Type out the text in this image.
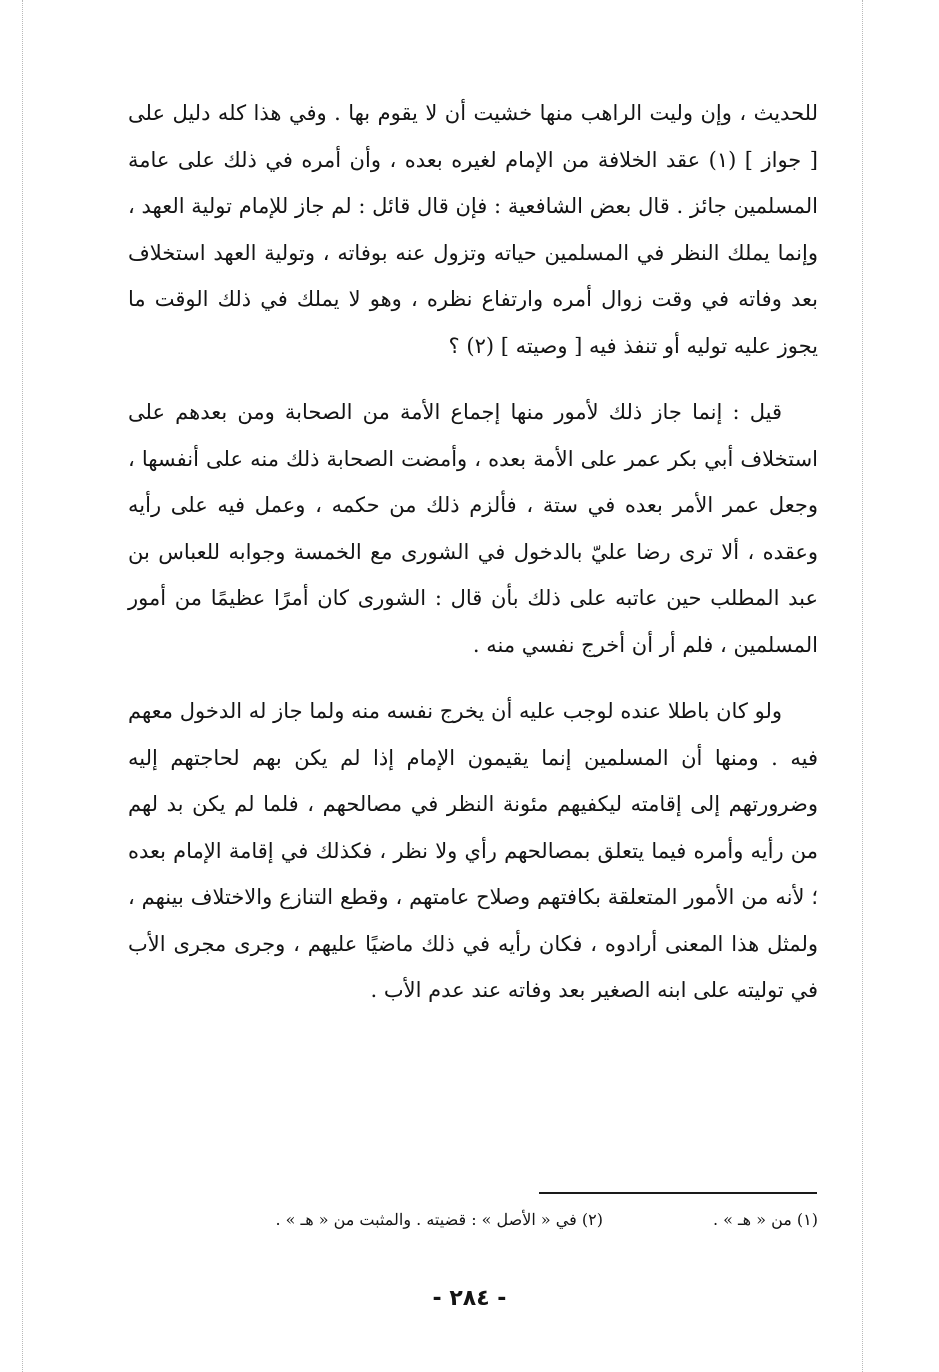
للحديث ، وإن وليت الراهب منها خشيت أن لا يقوم بها . وفي هذا كله دليل على [ جواز ] (١) عقد الخلافة من الإمام لغيره بعده ، وأن أمره في ذلك على عامة المسلمين جائز . قال بعض الشافعية : فإن قال قائل : لم جاز للإمام تولية العهد ، وإنما يملك النظر في المسلمين حياته وتزول عنه بوفاته ، وتولية العهد استخلاف بعد وفاته في وقت زوال أمره وارتفاع نظره ، وهو لا يملك في ذلك الوقت ما يجوز عليه توليه أو تنفذ فيه [ وصيته ] (٢) ؟

قيل : إنما جاز ذلك لأمور منها إجماع الأمة من الصحابة ومن بعدهم على استخلاف أبي بكر عمر على الأمة بعده ، وأمضت الصحابة ذلك منه على أنفسها ، وجعل عمر الأمر بعده في ستة ، فألزم ذلك من حكمه ، وعمل فيه على رأيه وعقده ، ألا ترى رضا عليّ بالدخول في الشورى مع الخمسة وجوابه للعباس بن عبد المطلب حين عاتبه على ذلك بأن قال : الشورى كان أمرًا عظيمًا من أمور المسلمين ، فلم أر أن أخرج نفسي منه .

ولو كان باطلا عنده لوجب عليه أن يخرج نفسه منه ولما جاز له الدخول معهم فيه . ومنها أن المسلمين إنما يقيمون الإمام إذا لم يكن بهم لحاجتهم إليه وضرورتهم إلى إقامته ليكفيهم مئونة النظر في مصالحهم ، فلما لم يكن بد لهم من رأيه وأمره فيما يتعلق بمصالحهم رأي ولا نظر ، فكذلك في إقامة الإمام بعده ؛ لأنه من الأمور المتعلقة بكافتهم وصلاح عامتهم ، وقطع التنازع والاختلاف بينهم ، ولمثل هذا المعنى أرادوه ، فكان رأيه في ذلك ماضيًا عليهم ، وجرى مجرى الأب في توليته على ابنه الصغير بعد وفاته عند عدم الأب .

(١) من « هـ » .
(٢) في « الأصل » : قضيته . والمثبت من « هـ » .
- ٢٨٤ -
